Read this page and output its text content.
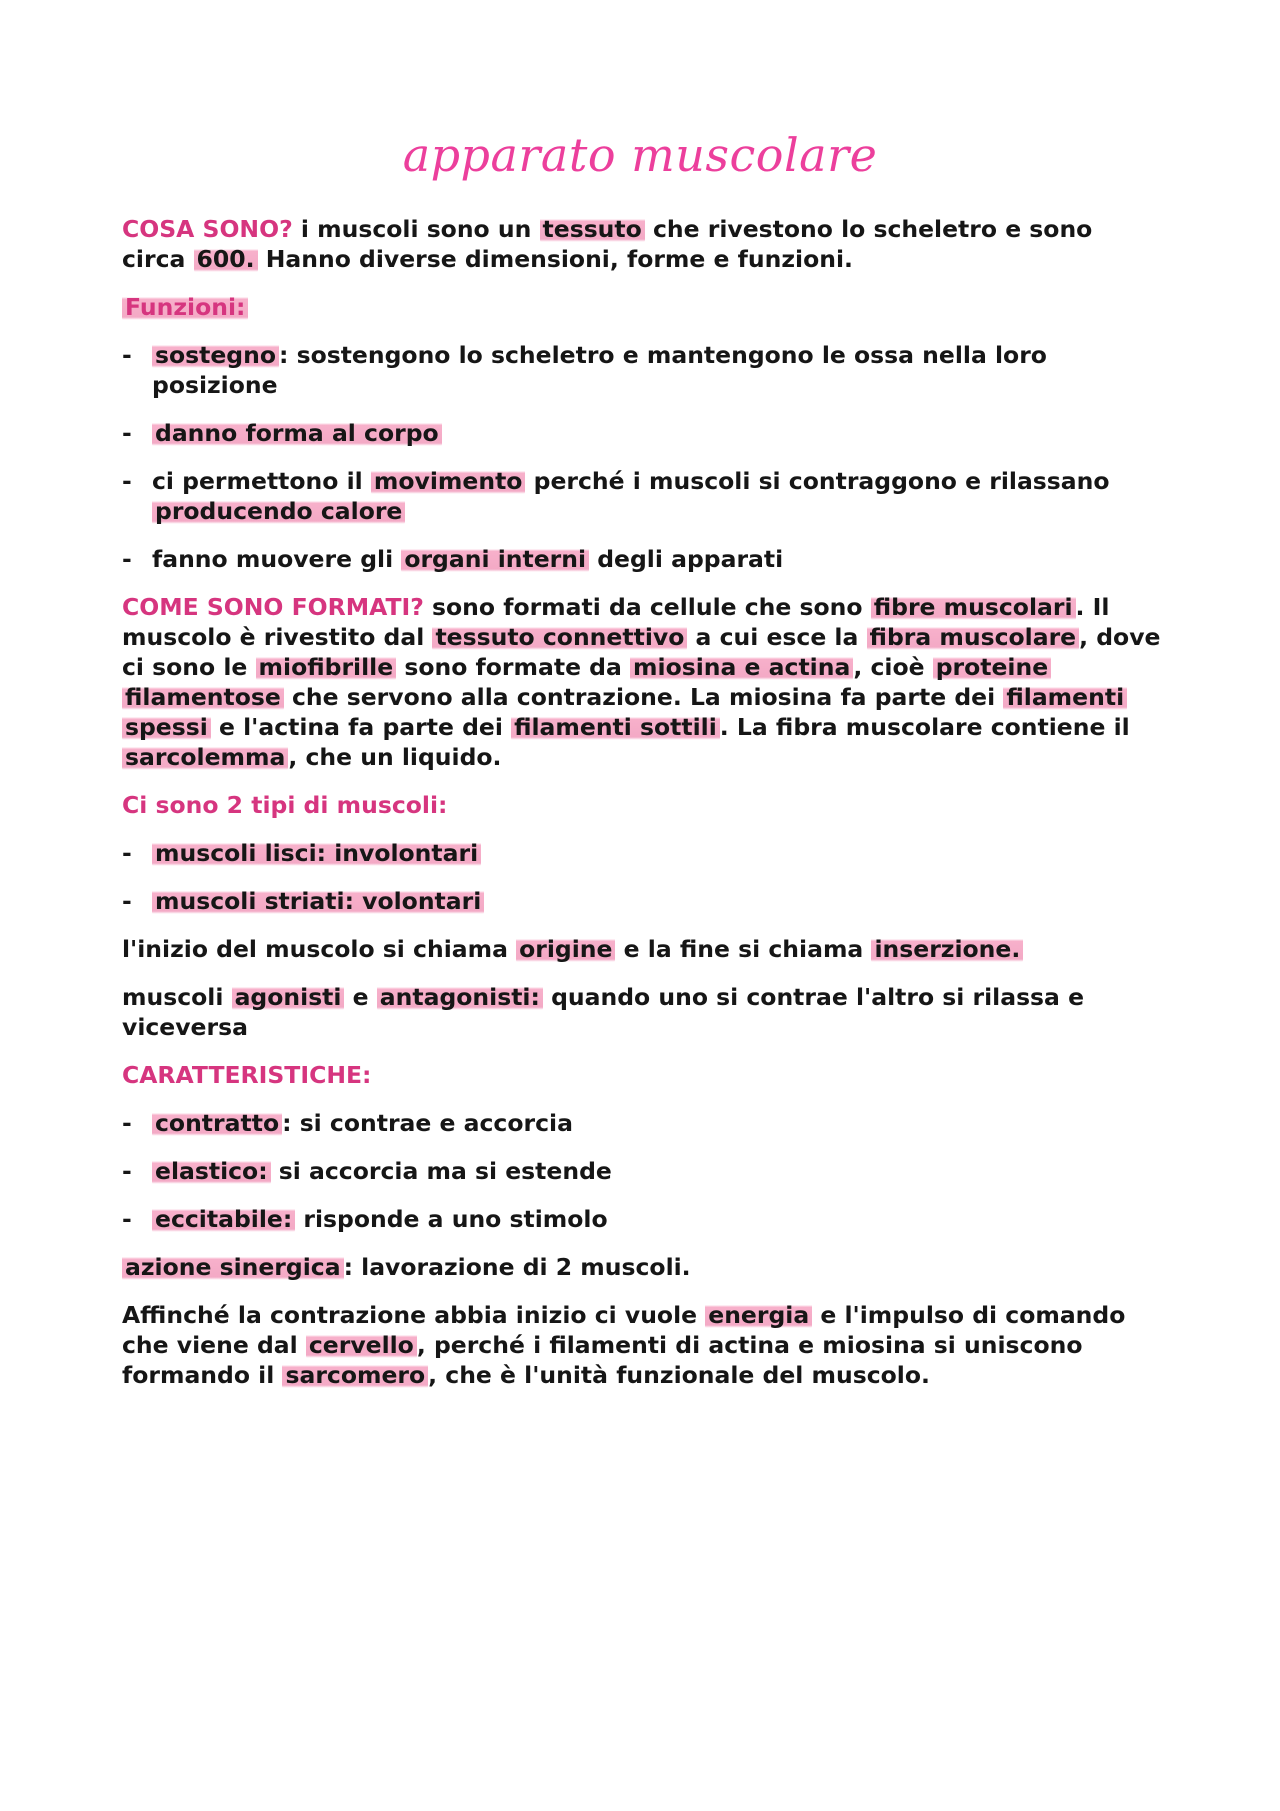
apparato muscolare

COSA SONO? i muscoli sono un tessuto che rivestono lo scheletro e sono circa 600. Hanno diverse dimensioni, forme e funzioni.

Funzioni:

- sostegno : sostengono lo scheletro e mantengono le ossa nella loro posizione
- danno forma al corpo
- ci permettono il movimento perché i muscoli si contraggono e rilassano producendo calore
- fanno muovere gli organi interni degli apparati

COME SONO FORMATI? sono formati da cellule che sono fibre muscolari . Il muscolo è rivestito dal tessuto connettivo a cui esce la fibra muscolare , dove ci sono le miofibrille sono formate da miosina e actina , cioè proteine filamentose che servono alla contrazione. La miosina fa parte dei filamenti spessi e l'actina fa parte dei filamenti sottili . La fibra muscolare contiene il sarcolemma , che un liquido.

Ci sono 2 tipi di muscoli:

- muscoli lisci: involontari
- muscoli striati: volontari

l'inizio del muscolo si chiama origine e la fine si chiama inserzione.

muscoli agonisti e antagonisti: quando uno si contrae l'altro si rilassa e viceversa

CARATTERISTICHE:

- contratto : si contrae e accorcia
- elastico: si accorcia ma si estende
- eccitabile: risponde a uno stimolo

azione sinergica : lavorazione di 2 muscoli.

Affinché la contrazione abbia inizio ci vuole energia e l'impulso di comando che viene dal cervello , perché i filamenti di actina e miosina si uniscono formando il sarcomero , che è l'unità funzionale del muscolo.
